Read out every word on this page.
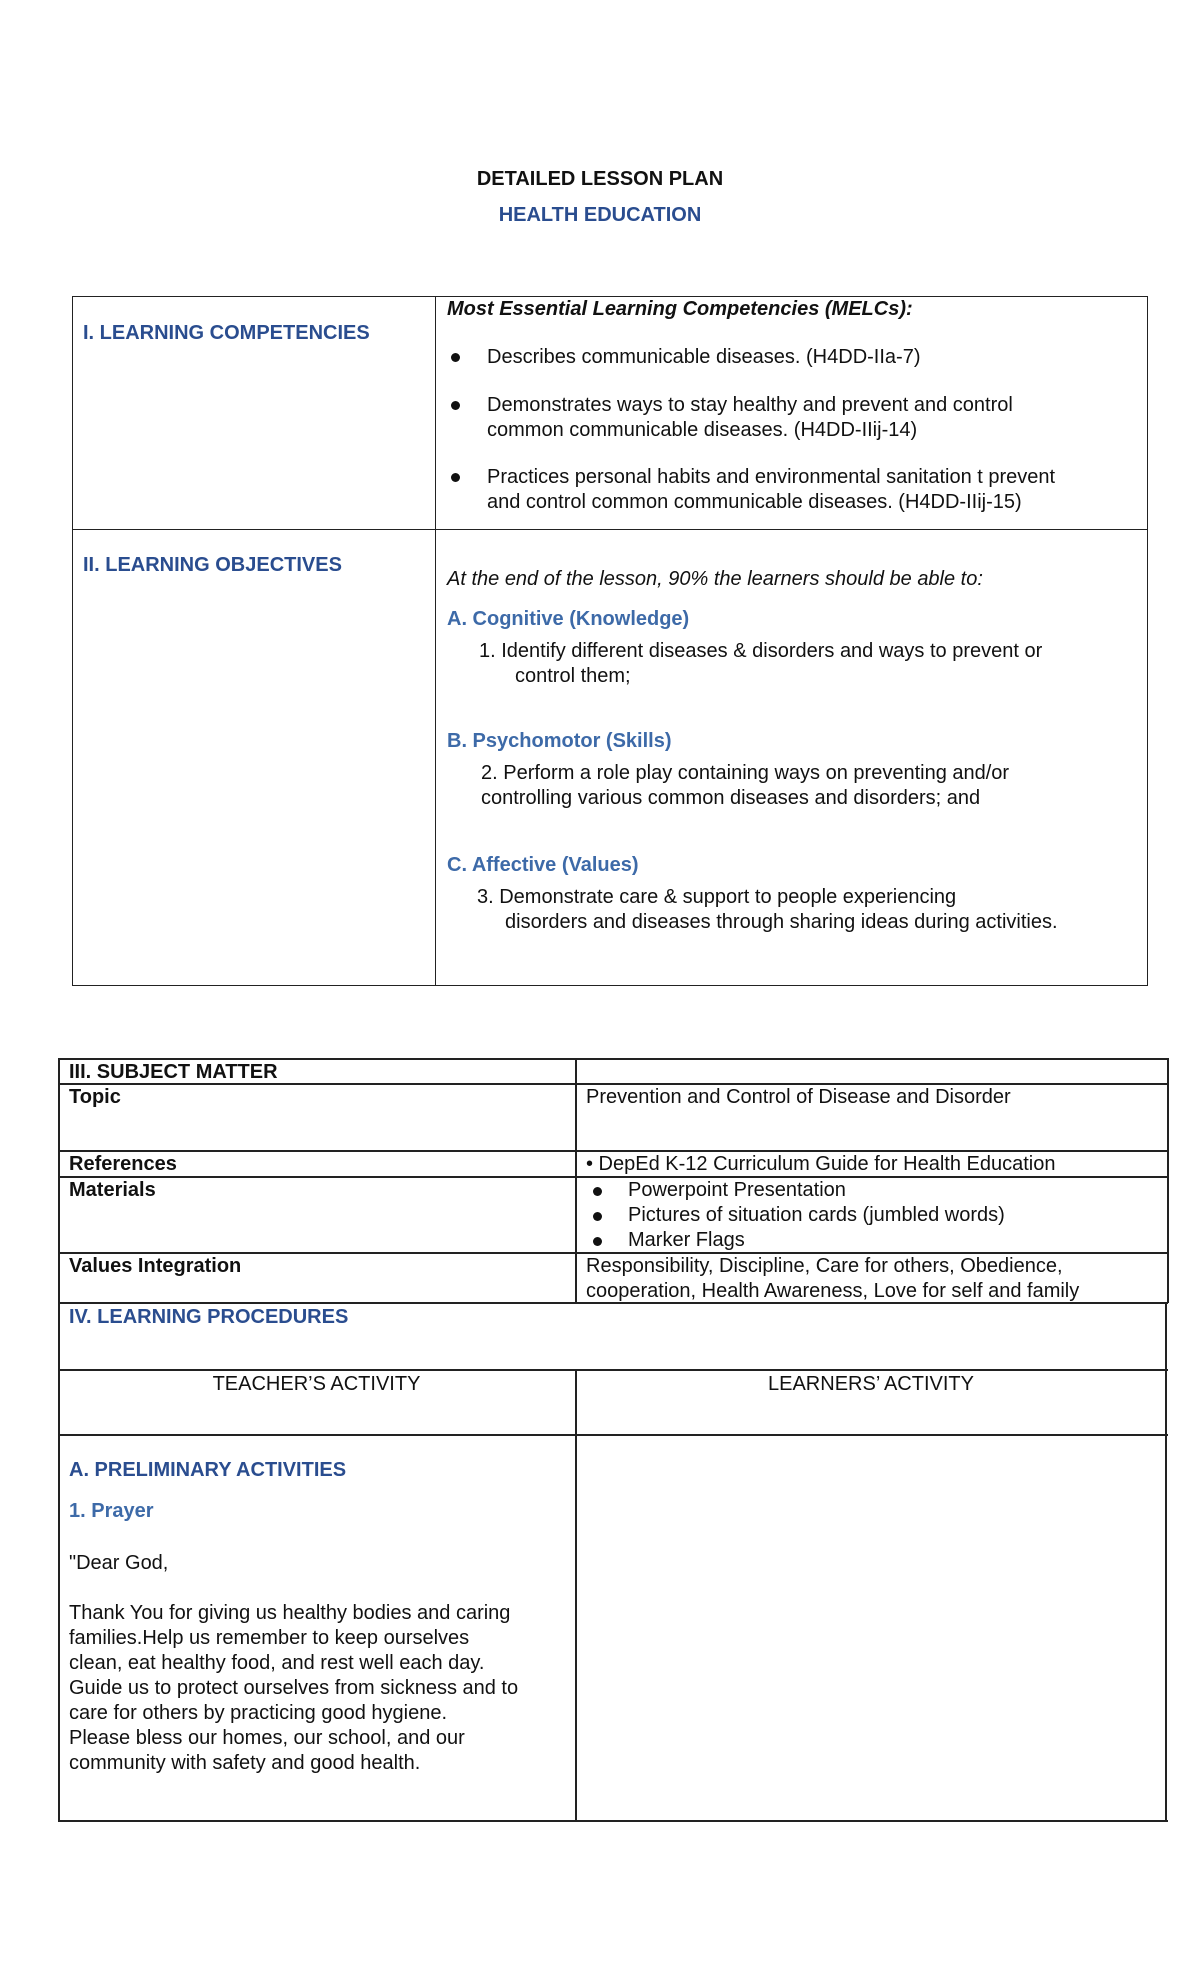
DETAILED LESSON PLAN
HEALTH EDUCATION
I. LEARNING COMPETENCIES
Most Essential Learning Competencies (MELCs):
Describes communicable diseases. (H4DD-IIa-7)
Demonstrates ways to stay healthy and prevent and control
common communicable diseases. (H4DD-IIij-14)
Practices personal habits and environmental sanitation t prevent
and control common communicable diseases. (H4DD-IIij-15)
II. LEARNING OBJECTIVES
At the end of the lesson, 90% the learners should be able to:
A. Cognitive (Knowledge)
1. Identify different diseases & disorders and ways to prevent or
control them;
B. Psychomotor (Skills)
2. Perform a role play containing ways on preventing and/or
controlling various common diseases and disorders; and
C. Affective (Values)
3. Demonstrate care & support to people experiencing
disorders and diseases through sharing ideas during activities.
III. SUBJECT MATTER
Topic	Prevention and Control of Disease and Disorder
References	• DepEd K-12 Curriculum Guide for Health Education
Materials	Powerpoint Presentation
Pictures of situation cards (jumbled words)
Marker Flags
Values Integration	Responsibility, Discipline, Care for others, Obedience,
cooperation, Health Awareness, Love for self and family
IV. LEARNING PROCEDURES
TEACHER’S ACTIVITY	LEARNERS’ ACTIVITY
A. PRELIMINARY ACTIVITIES
1. Prayer
"Dear God,
Thank You for giving us healthy bodies and caring
families.Help us remember to keep ourselves
clean, eat healthy food, and rest well each day.
Guide us to protect ourselves from sickness and to
care for others by practicing good hygiene.
Please bless our homes, our school, and our
community with safety and good health.
